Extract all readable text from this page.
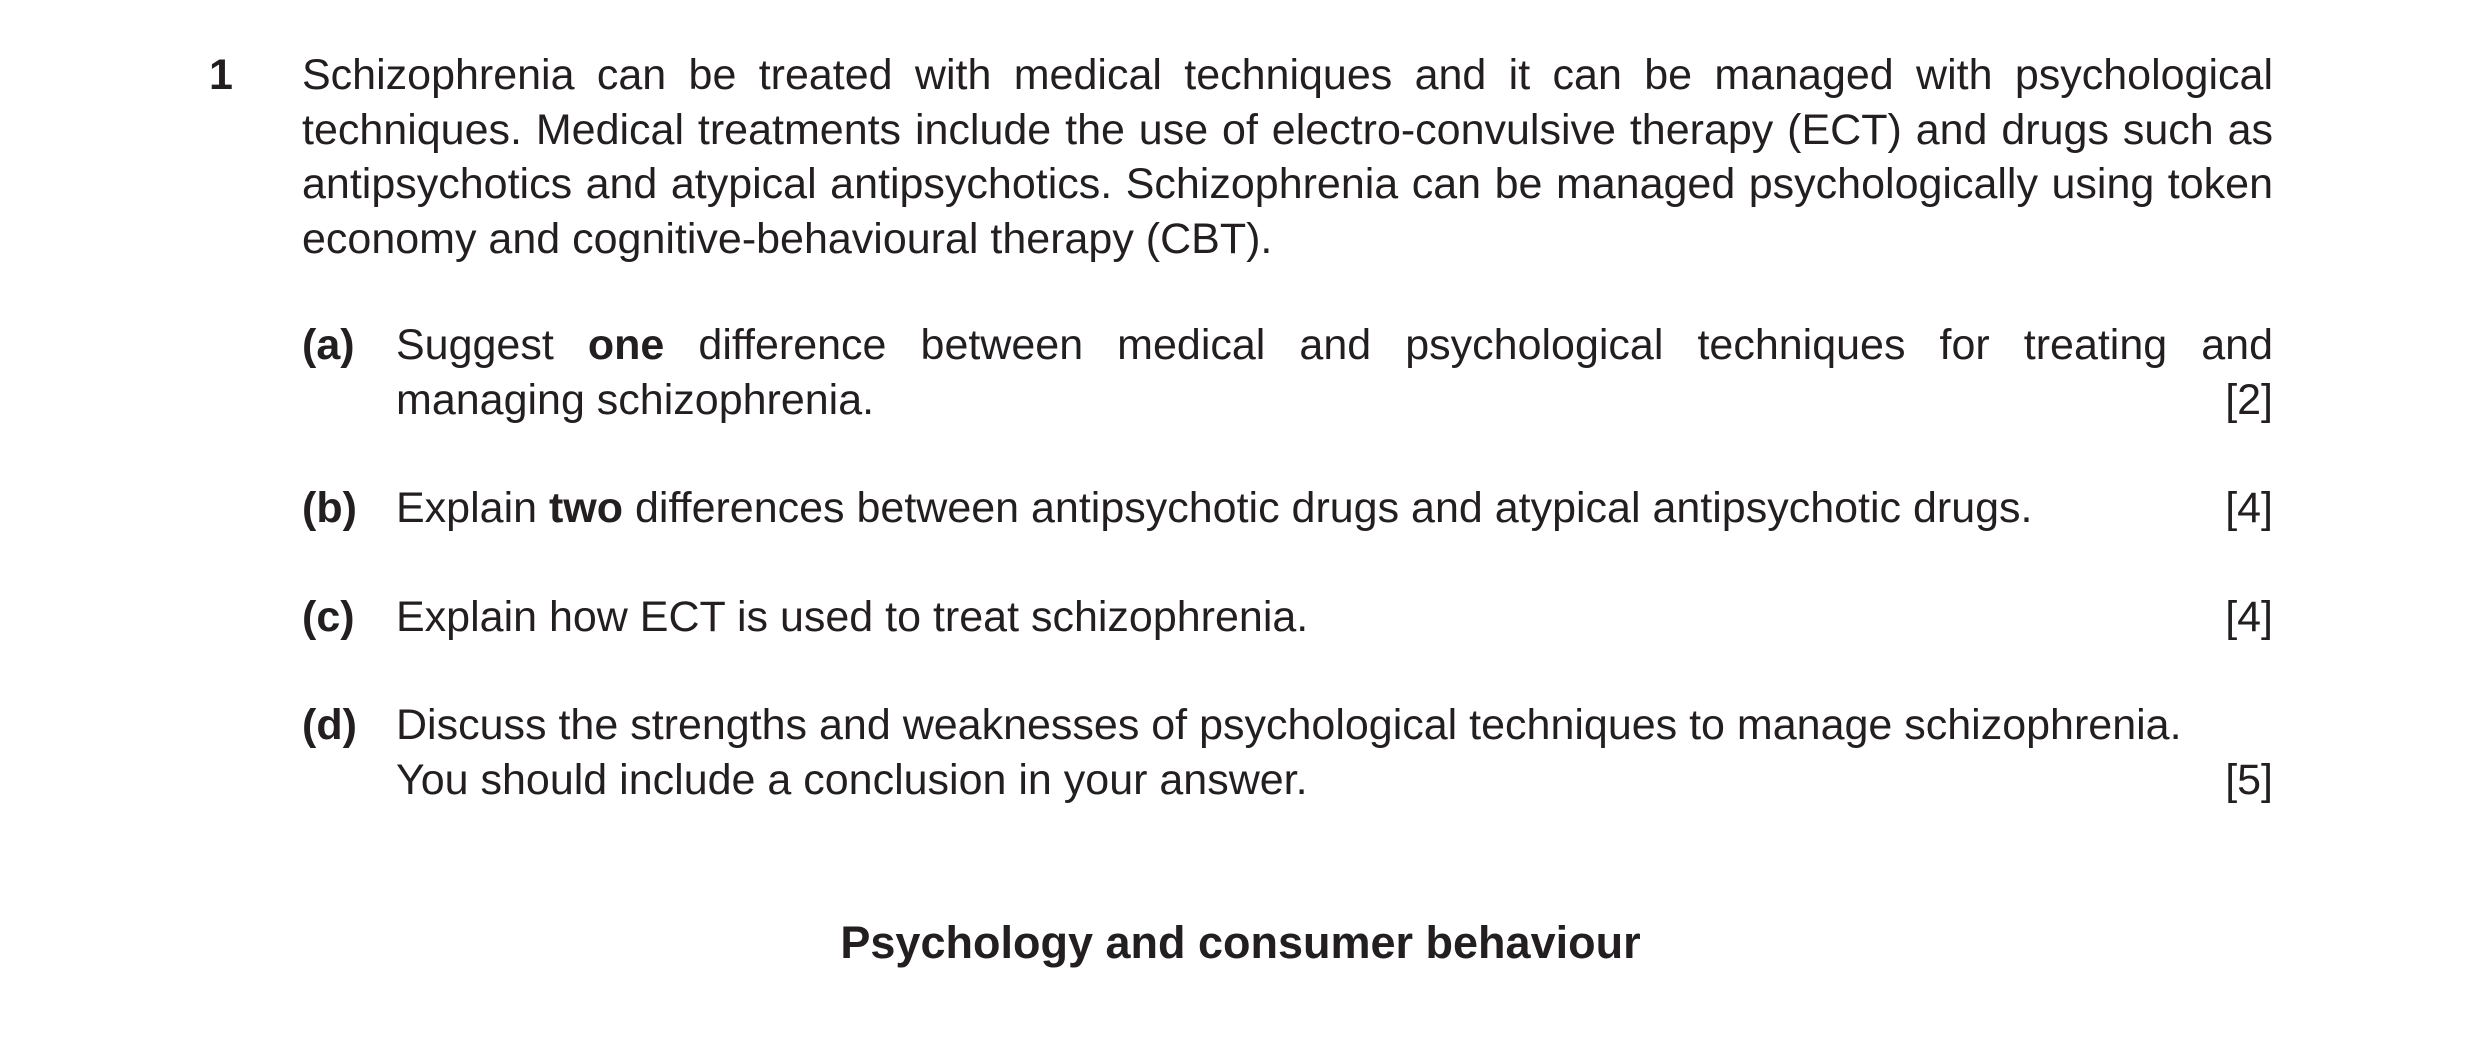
1 Schizophrenia can be treated with medical techniques and it can be managed with psychological techniques. Medical treatments include the use of electro-convulsive therapy (ECT) and drugs such as antipsychotics and atypical antipsychotics. Schizophrenia can be managed psychologically using token economy and cognitive-behavioural therapy (CBT).
(a) Suggest one difference between medical and psychological techniques for treating and
managing schizophrenia.	[2]
(b) Explain two differences between antipsychotic drugs and atypical antipsychotic drugs.	[4]
(c) Explain how ECT is used to treat schizophrenia.	[4]
(d) Discuss the strengths and weaknesses of psychological techniques to manage schizophrenia.
You should include a conclusion in your answer.	[5]
Psychology and consumer behaviour
